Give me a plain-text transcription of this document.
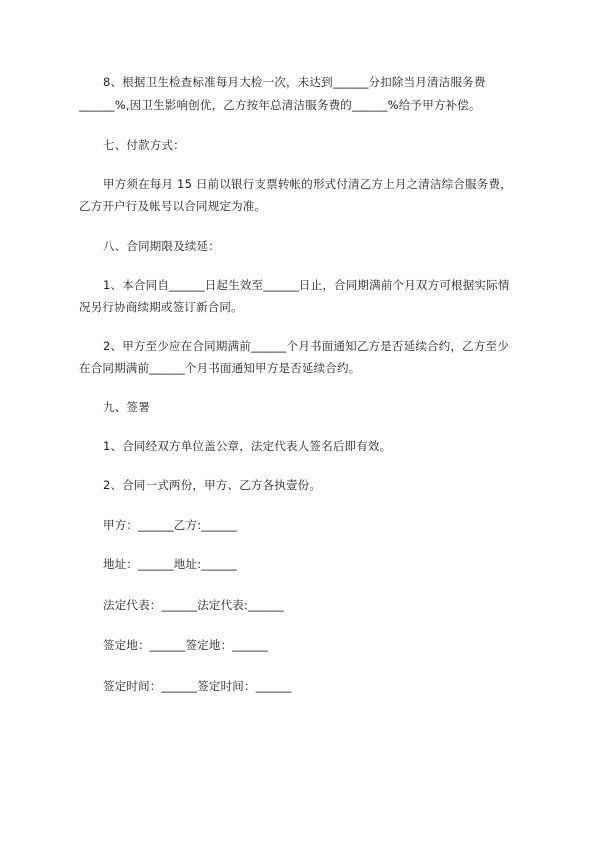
8、根据卫生检查标准每月大检一次，未达到______分扣除当月清洁服务费
______%,因卫生影响创优，乙方按年总清洁服务费的______%给予甲方补偿。
七、付款方式：
甲方须在每月 15 日前以银行支票转帐的形式付清乙方上月之清洁综合服务费，
乙方开户行及帐号以合同规定为准。
八、合同期限及续延：
1、本合同自______日起生效至______日止，合同期满前个月双方可根据实际情
况另行协商续期或签订新合同。
2、甲方至少应在合同期满前______个月书面通知乙方是否延续合约，乙方至少
在合同期满前______个月书面通知甲方是否延续合约。
九、签署
1、合同经双方单位盖公章，法定代表人签名后即有效。
2、合同一式两份，甲方、乙方各执壹份。
甲方：______乙方:______
地址：______地址:______
法定代表：______法定代表:______
签定地：______签定地：______
签定时间：______签定时间：______
